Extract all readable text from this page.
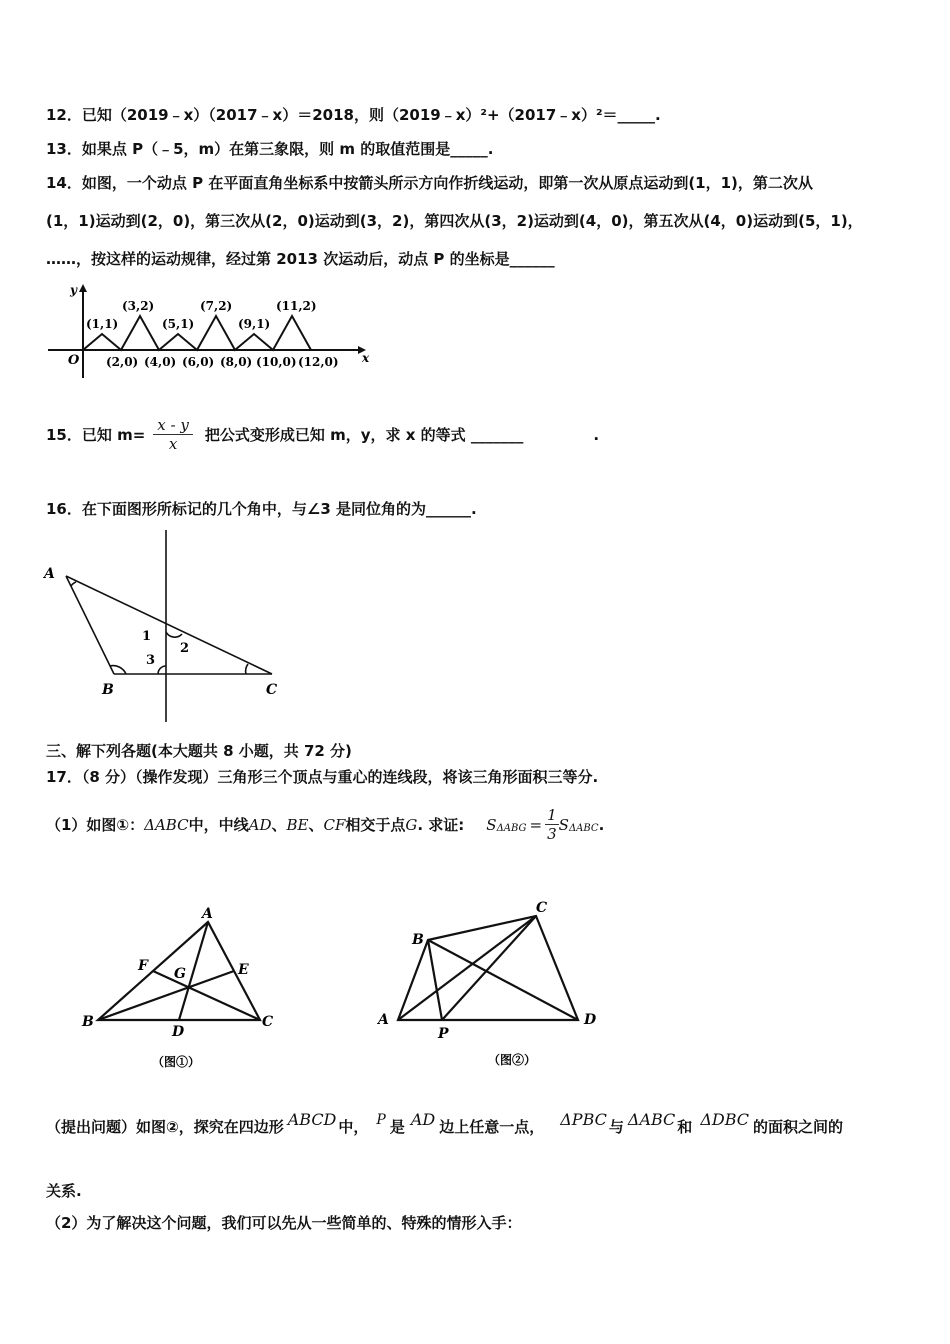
12．已知（2019﹣x）（2017﹣x）＝2018，则（2019﹣x）²+（2017﹣x）²＝_____.
13．如果点 P（﹣5，m）在第三象限，则 m 的取值范围是_____.
14．如图，一个动点 P 在平面直角坐标系中按箭头所示方向作折线运动，即第一次从原点运动到(1，1)，第二次从
(1，1)运动到(2，0)，第三次从(2，0)运动到(3，2)，第四次从(3，2)运动到(4，0)，第五次从(4，0)运动到(5，1)，
……，按这样的运动规律，经过第 2013 次运动后，动点 P 的坐标是______
y
x
O
(1,1)
(3,2)
(5,1)
(7,2)
(9,1)
(11,2)
(2,0) (4,0) (6,0) (8,0) (10,0) (12,0)
15． 已知 $m= \frac{x - y}{x}$ 把公式变形成已知 m，y，求 x 的等式 _______	.
16．在下面图形所标记的几个角中，与∠3 是同位角的为______.
A
B	C
1
2
3
三、解下列各题(本大题共 8 小题，共 72 分)
17．（8 分）（操作发现）三角形三个顶点与重心的连线段，将该三角形面积三等分.
（1）如图①： ΔABC 中，中线 AD 、 BE 、 CF 相交于点 G . 求证: S $\Delta ABG = \frac{1}{3}$ S ΔABC .
A
B	C
D
E
F G
（图①）
A
B
C
D
P
（图②）
（提出问题）如图②，探究在四边形 ABCD 中， P 是 AD 边上任意一点， ΔPBC 与 ΔABC 和 ΔDBC 的面积之间的
关系.
（2）为了解决这个问题，我们可以先从一些简单的、特殊的情形入手：
